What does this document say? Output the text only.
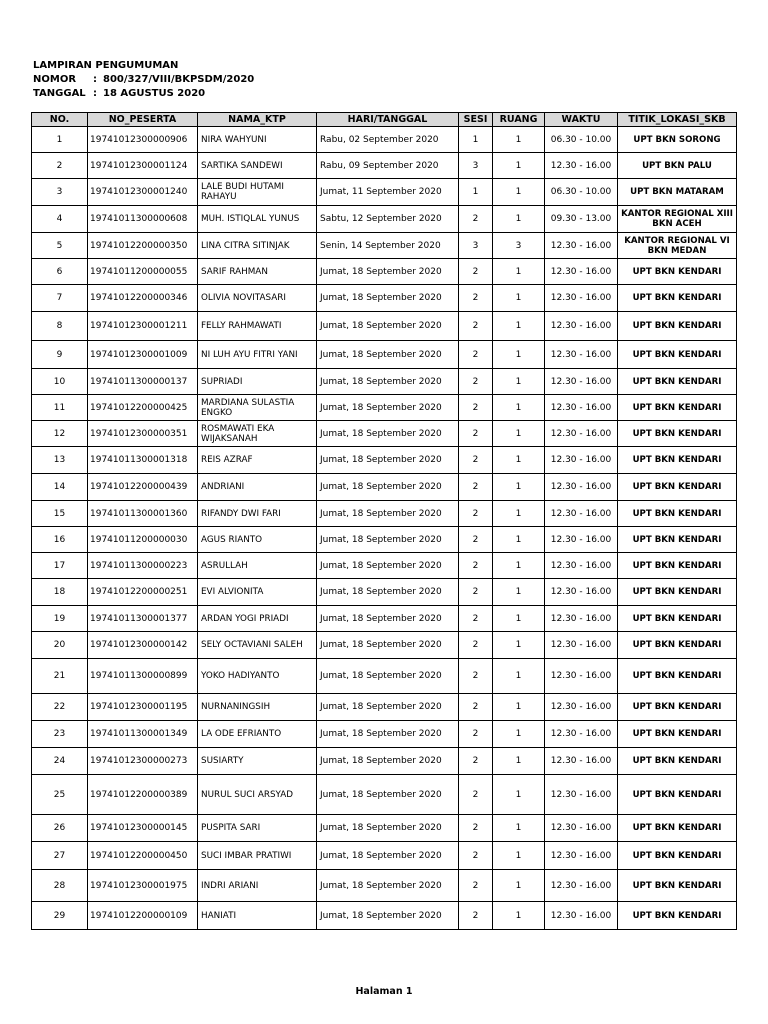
LAMPIRAN PENGUMUMAN
NOMOR : 800/327/VIII/BKPSDM/2020
TANGGAL : 18 AGUSTUS 2020
NO.	NO_PESERTA	NAMA_KTP	HARI/TANGGAL	SESI	RUANG	WAKTU	TITIK_LOKASI_SKB
1	19741012300000906	NIRA WAHYUNI	Rabu, 02 September 2020	1	1	06.30 - 10.00	UPT BKN SORONG
2	19741012300001124	SARTIKA SANDEWI	Rabu, 09 September 2020	3	1	12.30 - 16.00	UPT BKN PALU
3	19741012300001240	LALE BUDI HUTAMI RAHAYU	Jumat, 11 September 2020	1	1	06.30 - 10.00	UPT BKN MATARAM
4	19741011300000608	MUH. ISTIQLAL YUNUS	Sabtu, 12 September 2020	2	1	09.30 - 13.00	KANTOR REGIONAL XIII BKN ACEH
5	19741012200000350	LINA CITRA SITINJAK	Senin, 14 September 2020	3	3	12.30 - 16.00	KANTOR REGIONAL VI BKN MEDAN
6	19741011200000055	SARIF RAHMAN	Jumat, 18 September 2020	2	1	12.30 - 16.00	UPT BKN KENDARI
7	19741012200000346	OLIVIA NOVITASARI	Jumat, 18 September 2020	2	1	12.30 - 16.00	UPT BKN KENDARI
8	19741012300001211	FELLY RAHMAWATI	Jumat, 18 September 2020	2	1	12.30 - 16.00	UPT BKN KENDARI
9	19741012300001009	NI LUH AYU FITRI YANI	Jumat, 18 September 2020	2	1	12.30 - 16.00	UPT BKN KENDARI
10	19741011300000137	SUPRIADI	Jumat, 18 September 2020	2	1	12.30 - 16.00	UPT BKN KENDARI
11	19741012200000425	MARDIANA SULASTIA ENGKO	Jumat, 18 September 2020	2	1	12.30 - 16.00	UPT BKN KENDARI
12	19741012300000351	ROSMAWATI EKA WIJAKSANAH	Jumat, 18 September 2020	2	1	12.30 - 16.00	UPT BKN KENDARI
13	19741011300001318	REIS AZRAF	Jumat, 18 September 2020	2	1	12.30 - 16.00	UPT BKN KENDARI
14	19741012200000439	ANDRIANI	Jumat, 18 September 2020	2	1	12.30 - 16.00	UPT BKN KENDARI
15	19741011300001360	RIFANDY DWI FARI	Jumat, 18 September 2020	2	1	12.30 - 16.00	UPT BKN KENDARI
16	19741011200000030	AGUS RIANTO	Jumat, 18 September 2020	2	1	12.30 - 16.00	UPT BKN KENDARI
17	19741011300000223	ASRULLAH	Jumat, 18 September 2020	2	1	12.30 - 16.00	UPT BKN KENDARI
18	19741012200000251	EVI ALVIONITA	Jumat, 18 September 2020	2	1	12.30 - 16.00	UPT BKN KENDARI
19	19741011300001377	ARDAN YOGI PRIADI	Jumat, 18 September 2020	2	1	12.30 - 16.00	UPT BKN KENDARI
20	19741012300000142	SELY OCTAVIANI SALEH	Jumat, 18 September 2020	2	1	12.30 - 16.00	UPT BKN KENDARI
21	19741011300000899	YOKO HADIYANTO	Jumat, 18 September 2020	2	1	12.30 - 16.00	UPT BKN KENDARI
22	19741012300001195	NURNANINGSIH	Jumat, 18 September 2020	2	1	12.30 - 16.00	UPT BKN KENDARI
23	19741011300001349	LA ODE EFRIANTO	Jumat, 18 September 2020	2	1	12.30 - 16.00	UPT BKN KENDARI
24	19741012300000273	SUSIARTY	Jumat, 18 September 2020	2	1	12.30 - 16.00	UPT BKN KENDARI
25	19741012200000389	NURUL SUCI ARSYAD	Jumat, 18 September 2020	2	1	12.30 - 16.00	UPT BKN KENDARI
26	19741012300000145	PUSPITA SARI	Jumat, 18 September 2020	2	1	12.30 - 16.00	UPT BKN KENDARI
27	19741012200000450	SUCI IMBAR PRATIWI	Jumat, 18 September 2020	2	1	12.30 - 16.00	UPT BKN KENDARI
28	19741012300001975	INDRI ARIANI	Jumat, 18 September 2020	2	1	12.30 - 16.00	UPT BKN KENDARI
29	19741012200000109	HANIATI	Jumat, 18 September 2020	2	1	12.30 - 16.00	UPT BKN KENDARI
Halaman 1
